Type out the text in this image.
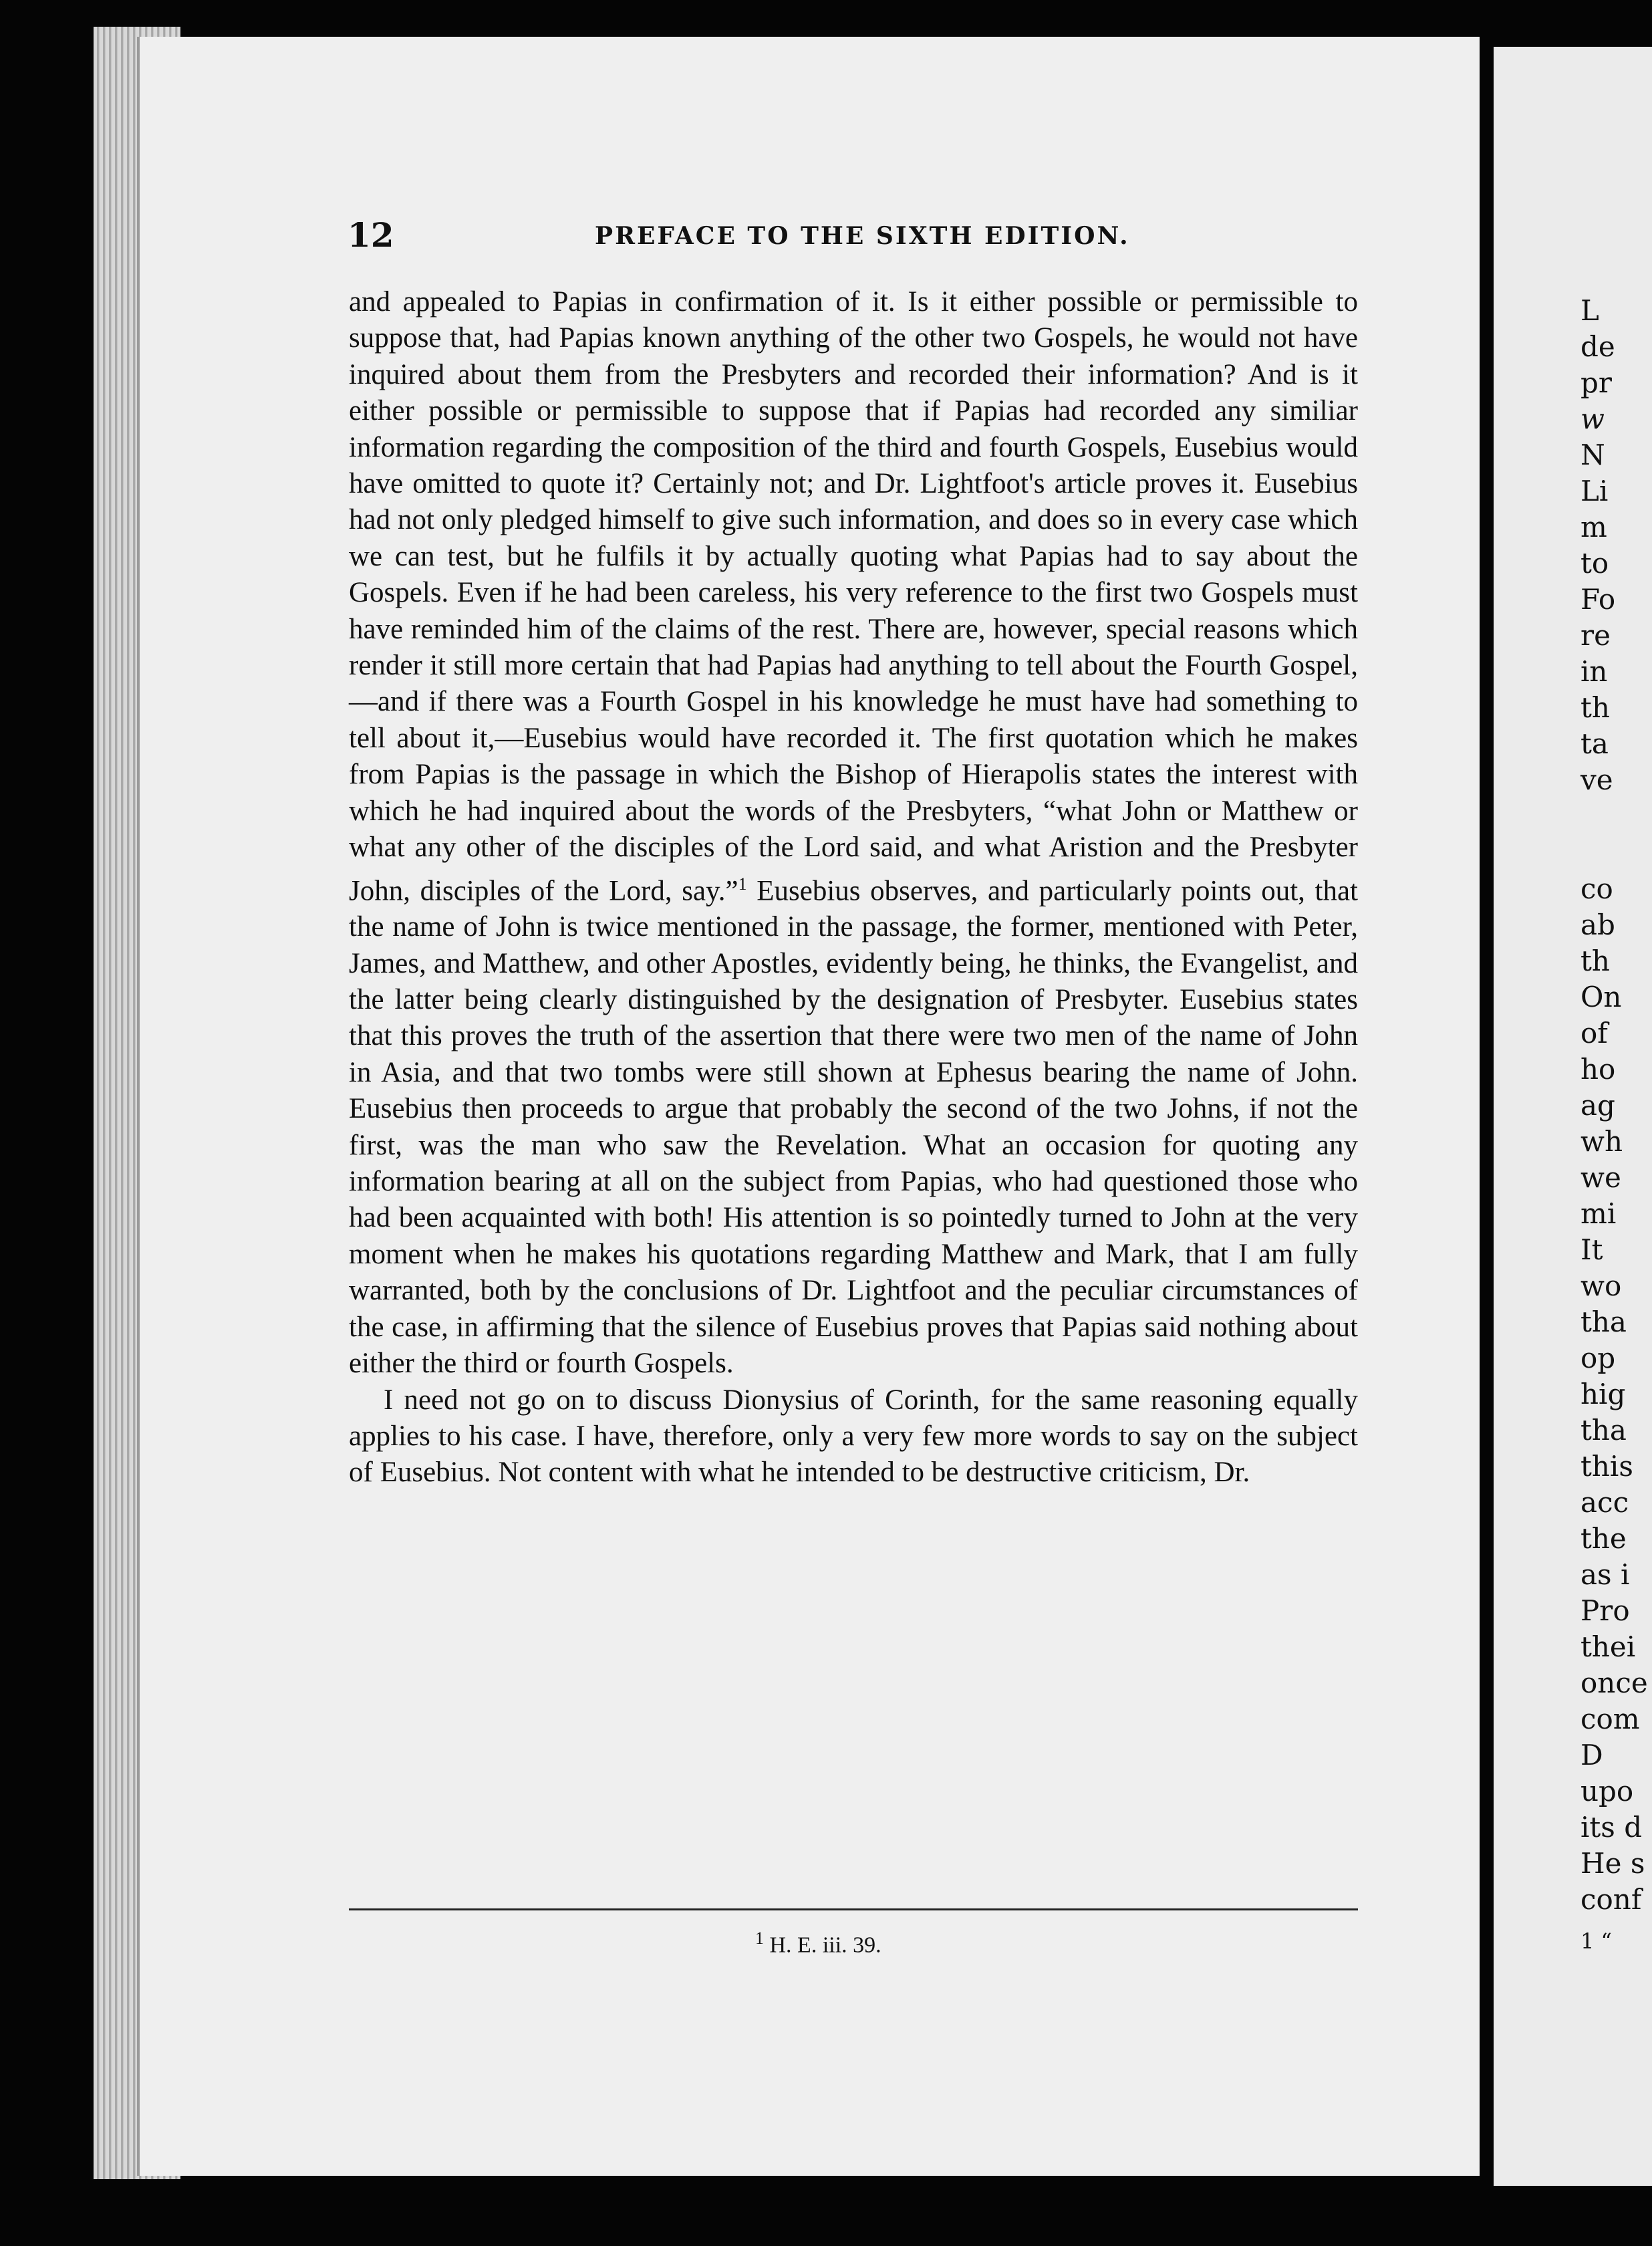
L
de
pr
w
N
Li
m
to
Fo
re
in
th
ta
ve
co
ab
th
On
of
ho
ag
wh
we
mi
It
wo
tha
op
hig
tha
this
acc
the
as i
Pro
thei
once
com
D
upo
its d
He s
conf
1 “
12	PREFACE TO THE SIXTH EDITION.

and appealed to Papias in confirmation of it. Is it either possible or permissible to suppose that, had Papias known anything of the other two Gospels, he would not have inquired about them from the Presbyters and recorded their information? And is it either possible or permissible to suppose that if Papias had recorded any similiar information regarding the composition of the third and fourth Gospels, Eusebius would have omitted to quote it? Certainly not; and Dr. Lightfoot's article proves it. Eusebius had not only pledged himself to give such information, and does so in every case which we can test, but he fulfils it by actually quoting what Papias had to say about the Gospels. Even if he had been careless, his very reference to the first two Gospels must have reminded him of the claims of the rest. There are, however, special reasons which render it still more certain that had Papias had anything to tell about the Fourth Gospel,—and if there was a Fourth Gospel in his knowledge he must have had something to tell about it,—Eusebius would have recorded it. The first quotation which he makes from Papias is the passage in which the Bishop of Hierapolis states the interest with which he had inquired about the words of the Presbyters, “what John or Matthew or what any other of the disciples of the Lord said, and what Aristion and the Presbyter John, disciples of the Lord, say.”$^1$ Eusebius observes, and particularly points out, that the name of John is twice mentioned in the passage, the former, mentioned with Peter, James, and Matthew, and other Apostles, evidently being, he thinks, the Evangelist, and the latter being clearly distinguished by the designation of Presbyter. Eusebius states that this proves the truth of the assertion that there were two men of the name of John in Asia, and that two tombs were still shown at Ephesus bearing the name of John. Eusebius then proceeds to argue that probably the second of the two Johns, if not the first, was the man who saw the Revelation. What an occasion for quoting any information bearing at all on the subject from Papias, who had questioned those who had been acquainted with both! His attention is so pointedly turned to John at the very moment when he makes his quotations regarding Matthew and Mark, that I am fully warranted, both by the conclusions of Dr. Lightfoot and the peculiar circumstances of the case, in affirming that the silence of Eusebius proves that Papias said nothing about either the third or fourth Gospels.

I need not go on to discuss Dionysius of Corinth, for the same reasoning equally applies to his case. I have, therefore, only a very few more words to say on the subject of Eusebius. Not content with what he intended to be destructive criticism, Dr.

$^1$ H. E. iii. 39.
